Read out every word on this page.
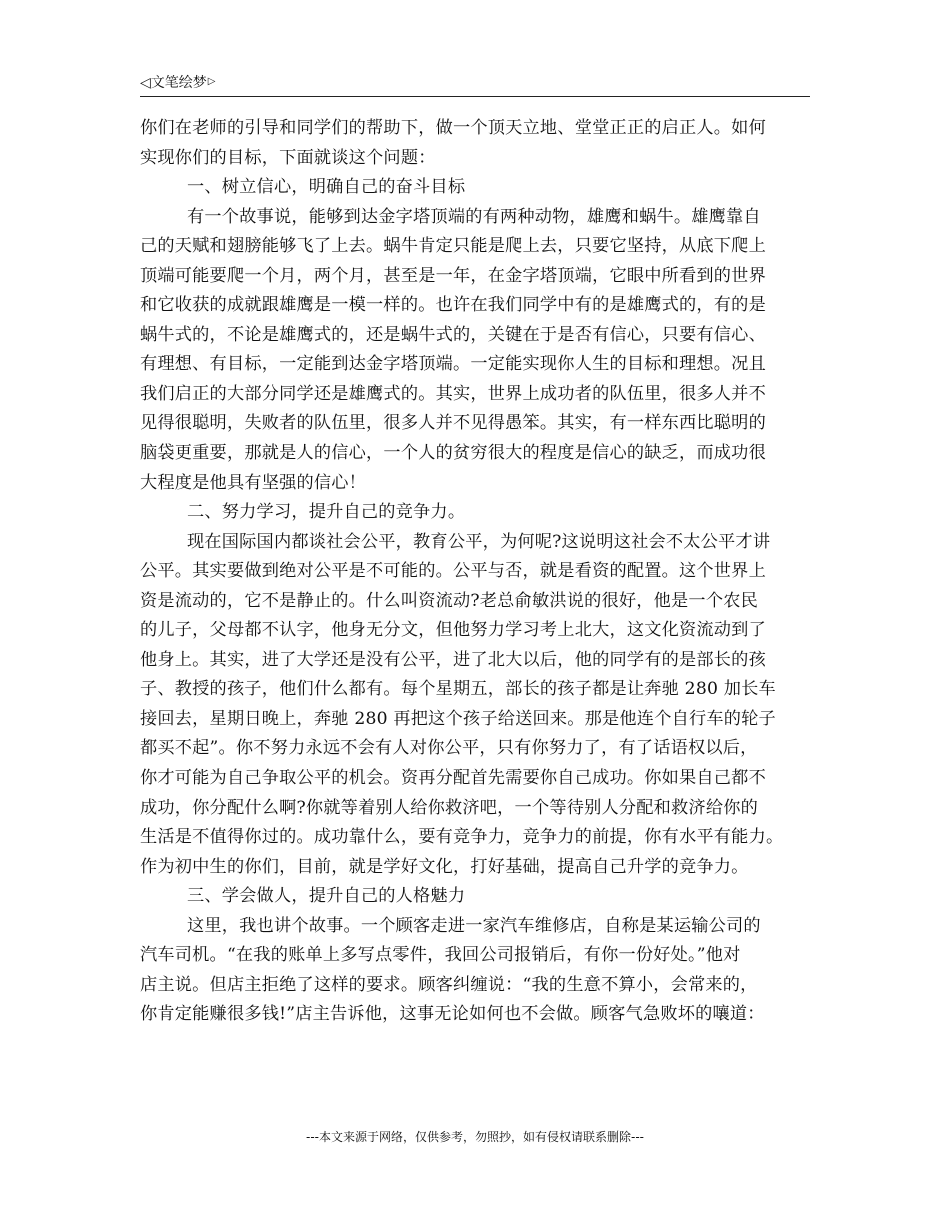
◁文笔绘梦▷
你们在老师的引导和同学们的帮助下，做一个顶天立地、堂堂正正的启正人。如何
实现你们的目标，下面就谈这个问题：
一、树立信心，明确自己的奋斗目标
有一个故事说，能够到达金字塔顶端的有两种动物，雄鹰和蜗牛。雄鹰靠自
己的天赋和翅膀能够飞了上去。蜗牛肯定只能是爬上去，只要它坚持，从底下爬上
顶端可能要爬一个月，两个月，甚至是一年，在金字塔顶端，它眼中所看到的世界
和它收获的成就跟雄鹰是一模一样的。也许在我们同学中有的是雄鹰式的，有的是
蜗牛式的，不论是雄鹰式的，还是蜗牛式的，关键在于是否有信心，只要有信心、
有理想、有目标，一定能到达金字塔顶端。一定能实现你人生的目标和理想。况且
我们启正的大部分同学还是雄鹰式的。其实，世界上成功者的队伍里，很多人并不
见得很聪明，失败者的队伍里，很多人并不见得愚笨。其实，有一样东西比聪明的
脑袋更重要，那就是人的信心，一个人的贫穷很大的程度是信心的缺乏，而成功很
大程度是他具有坚强的信心！
二、努力学习，提升自己的竞争力。
现在国际国内都谈社会公平，教育公平，为何呢?这说明这社会不太公平才讲
公平。其实要做到绝对公平是不可能的。公平与否，就是看资的配置。这个世界上
资是流动的，它不是静止的。什么叫资流动?老总俞敏洪说的很好，他是一个农民
的儿子，父母都不认字，他身无分文，但他努力学习考上北大，这文化资流动到了
他身上。其实，进了大学还是没有公平，进了北大以后，他的同学有的是部长的孩
子、教授的孩子，他们什么都有。每个星期五，部长的孩子都是让奔驰 280 加长车
接回去，星期日晚上，奔驰 280 再把这个孩子给送回来。那是他连个自行车的轮子
都买不起”。你不努力永远不会有人对你公平，只有你努力了，有了话语权以后，
你才可能为自己争取公平的机会。资再分配首先需要你自己成功。你如果自己都不
成功，你分配什么啊?你就等着别人给你救济吧，一个等待别人分配和救济给你的
生活是不值得你过的。成功靠什么，要有竞争力，竞争力的前提，你有水平有能力。
作为初中生的你们，目前，就是学好文化，打好基础，提高自己升学的竞争力。
三、学会做人，提升自己的人格魅力
这里，我也讲个故事。一个顾客走进一家汽车维修店，自称是某运输公司的
汽车司机。“在我的账单上多写点零件，我回公司报销后，有你一份好处。”他对
店主说。但店主拒绝了这样的要求。顾客纠缠说：“我的生意不算小，会常来的，
你肯定能赚很多钱!”店主告诉他，这事无论如何也不会做。顾客气急败坏的嚷道：
---本文来源于网络，仅供参考，勿照抄，如有侵权请联系删除---
